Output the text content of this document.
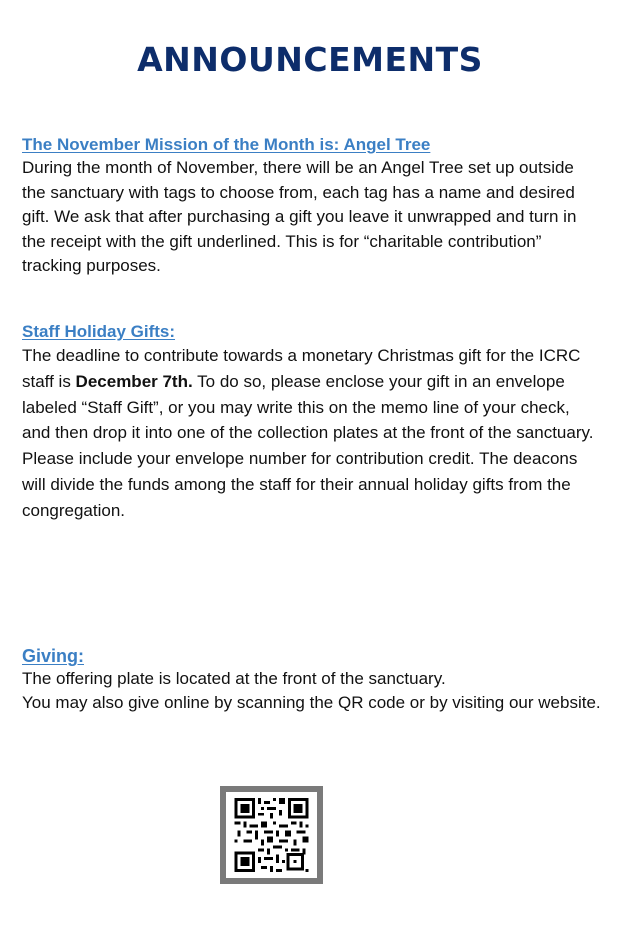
ANNOUNCEMENTS
The November Mission of the Month is: Angel Tree

During the month of November, there will be an Angel Tree set up outside the sanctuary with tags to choose from, each tag has a name and desired gift. We ask that after purchasing a gift you leave it unwrapped and turn in the receipt with the gift underlined. This is for “charitable contribution” tracking purposes.

Staff Holiday Gifts:

The deadline to contribute towards a monetary Christmas gift for the ICRC staff is December 7th. To do so, please enclose your gift in an envelope labeled “Staff Gift”, or you may write this on the memo line of your check, and then drop it into one of the collection plates at the front of the sanctuary. Please include your envelope number for contribution credit. The deacons will divide the funds among the staff for their annual holiday gifts from the congregation.

Giving:

The offering plate is located at the front of the sanctuary.

You may also give online by scanning the QR code or by visiting our website.
